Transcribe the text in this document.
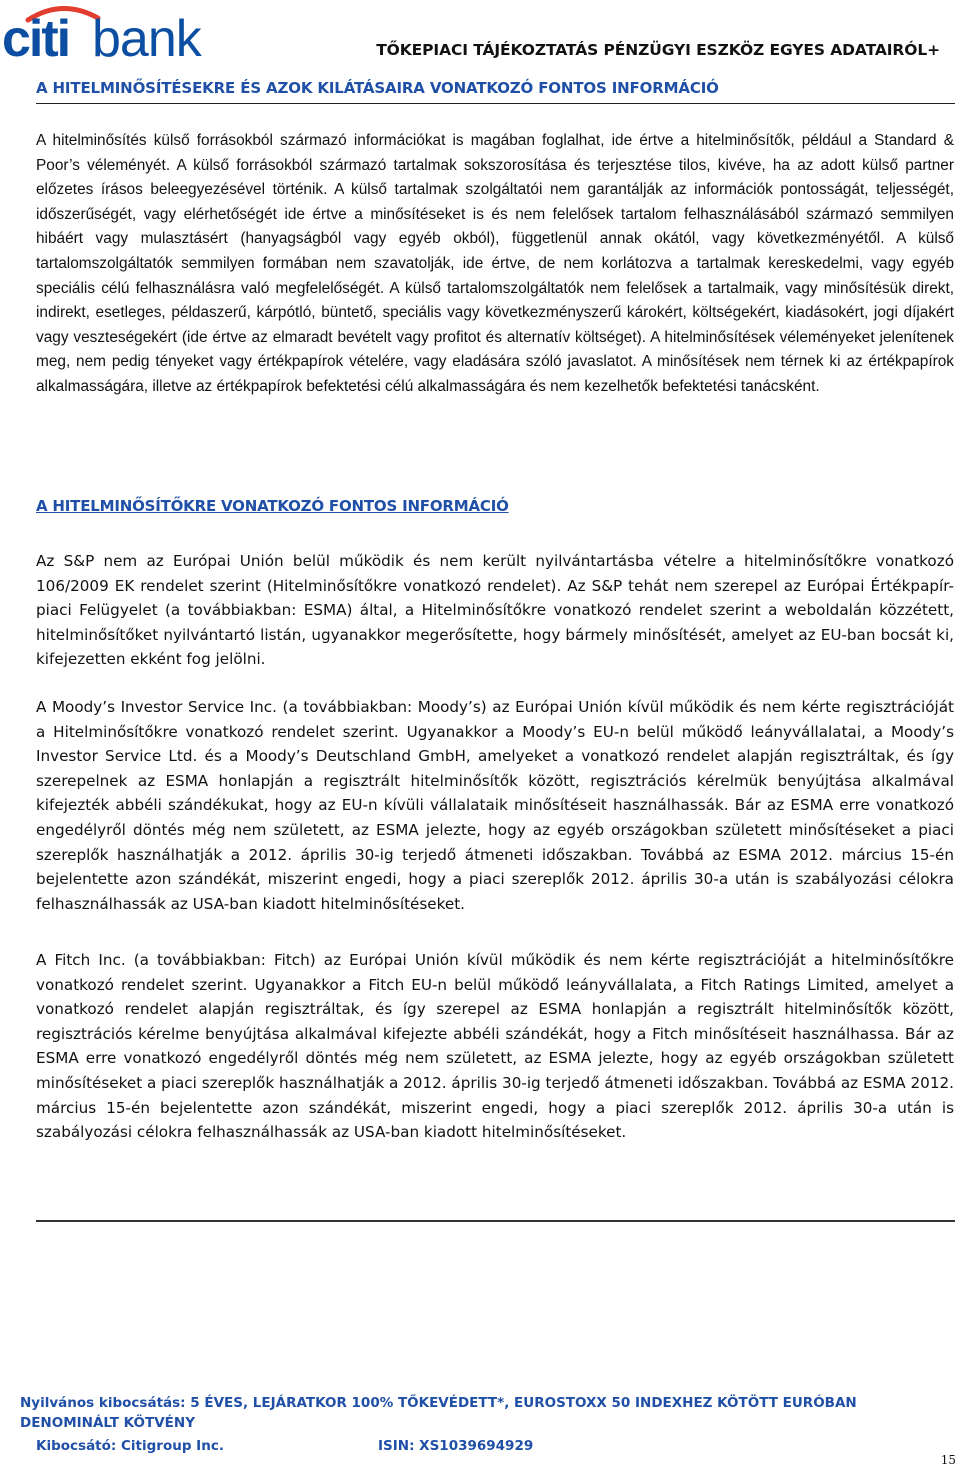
citi bank	TŐKEPIACI TÁJÉKOZTATÁS PÉNZÜGYI ESZKÖZ EGYES ADATAIRÓL+
A HITELMINŐSÍTÉSEKRE ÉS AZOK KILÁTÁSAIRA VONATKOZÓ FONTOS INFORMÁCIÓ

A hitelminősítés külső forrásokból származó információkat is magában foglalhat, ide értve a hitelminősítők, például a Standard & Poor’s véleményét. A külső forrásokból származó tartalmak sokszorosítása és terjesztése tilos, kivéve, ha az adott külső partner előzetes írásos beleegyezésével történik. A külső tartalmak szolgáltatói nem garantálják az információk pontosságát, teljességét, időszerűségét, vagy elérhetőségét ide értve a minősítéseket is és nem felelősek tartalom felhasználásából származó semmilyen hibáért vagy mulasztásért (hanyagságból vagy egyéb okból), függetlenül annak okától, vagy következményétől. A külső tartalomszolgáltatók semmilyen formában nem szavatolják, ide értve, de nem korlátozva a tartalmak kereskedelmi, vagy egyéb speciális célú felhasználásra való megfelelőségét. A külső tartalomszolgáltatók nem felelősek a tartalmaik, vagy minősítésük direkt, indirekt, esetleges, példaszerű, kárpótló, büntető, speciális vagy következményszerű károkért, költségekért, kiadásokért, jogi díjakért vagy veszteségekért (ide értve az elmaradt bevételt vagy profitot és alternatív költséget). A hitelminősítések véleményeket jelenítenek meg, nem pedig tényeket vagy értékpapírok vételére, vagy eladására szóló javaslatot. A minősítések nem térnek ki az értékpapírok alkalmasságára, illetve az értékpapírok befektetési célú alkalmasságára és nem kezelhetők befektetési tanácsként.

A HITELMINŐSÍTŐKRE VONATKOZÓ FONTOS INFORMÁCIÓ

Az S&P nem az Európai Unión belül működik és nem került nyilvántartásba vételre a hitelminősítőkre vonatkozó 106/2009 EK rendelet szerint (Hitelminősítőkre vonatkozó rendelet). Az S&P tehát nem szerepel az Európai Értékpapír-piaci Felügyelet (a továbbiakban: ESMA) által, a Hitelminősítőkre vonatkozó rendelet szerint a weboldalán közzétett, hitelminősítőket nyilvántartó listán, ugyanakkor megerősítette, hogy bármely minősítését, amelyet az EU-ban bocsát ki, kifejezetten ekként fog jelölni.

A Moody’s Investor Service Inc. (a továbbiakban: Moody’s) az Európai Unión kívül működik és nem kérte regisztrációját a Hitelminősítőkre vonatkozó rendelet szerint. Ugyanakkor a Moody’s EU-n belül működő leányvállalatai, a Moody’s Investor Service Ltd. és a Moody’s Deutschland GmbH, amelyeket a vonatkozó rendelet alapján regisztráltak, és így szerepelnek az ESMA honlapján a regisztrált hitelminősítők között, regisztrációs kérelmük benyújtása alkalmával kifejezték abbéli szándékukat, hogy az EU-n kívüli vállalataik minősítéseit használhassák. Bár az ESMA erre vonatkozó engedélyről döntés még nem született, az ESMA jelezte, hogy az egyéb országokban született minősítéseket a piaci szereplők használhatják a 2012. április 30-ig terjedő átmeneti időszakban. Továbbá az ESMA 2012. március 15-én bejelentette azon szándékát, miszerint engedi, hogy a piaci szereplők 2012. április 30-a után is szabályozási célokra felhasználhassák az USA-ban kiadott hitelminősítéseket.

A Fitch Inc. (a továbbiakban: Fitch) az Európai Unión kívül működik és nem kérte regisztrációját a hitelminősítőkre vonatkozó rendelet szerint. Ugyanakkor a Fitch EU-n belül működő leányvállalata, a Fitch Ratings Limited, amelyet a vonatkozó rendelet alapján regisztráltak, és így szerepel az ESMA honlapján a regisztrált hitelminősítők között, regisztrációs kérelme benyújtása alkalmával kifejezte abbéli szándékát, hogy a Fitch minősítéseit használhassa. Bár az ESMA erre vonatkozó engedélyről döntés még nem született, az ESMA jelezte, hogy az egyéb országokban született minősítéseket a piaci szereplők használhatják a 2012. április 30-ig terjedő átmeneti időszakban. Továbbá az ESMA 2012. március 15-én bejelentette azon szándékát, miszerint engedi, hogy a piaci szereplők 2012. április 30-a után is szabályozási célokra felhasználhassák az USA-ban kiadott hitelminősítéseket.

Nyilvános kibocsátás: 5 ÉVES, LEJÁRATKOR 100% TŐKEVÉDETT*, EUROSTOXX 50 INDEXHEZ KÖTÖTT EURÓBAN DENOMINÁLT KÖTVÉNY

Kibocsátó: Citigroup Inc.	ISIN: XS1039694929
15
